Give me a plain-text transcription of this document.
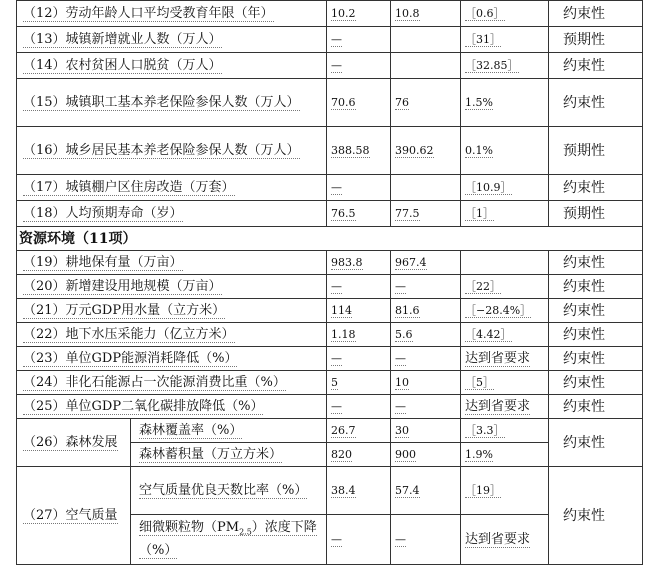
（12）劳动年龄人口平均受教育年限（年）		10.2	10.8	［0.6］	约束性
（13）城镇新增就业人数（万人）		—		［31］	预期性
（14）农村贫困人口脱贫（万人）		—		［32.85］	约束性
（15）城镇职工基本养老保险参保人数（万人）		70.6	76	1.5%	约束性
（16）城乡居民基本养老保险参保人数（万人）		388.58	390.62	0.1%	预期性
（17）城镇棚户区住房改造（万套）		—		［10.9］	约束性
（18）人均预期寿命（岁）		76.5	77.5	［1］	预期性
资源环境（11项）					
（19）耕地保有量（万亩）		983.8	967.4		约束性
（20）新增建设用地规模（万亩）		—	—	［22］	约束性
（21）万元GDP用水量（立方米）		114	81.6	［−28.4%］	约束性
（22）地下水压采能力（亿立方米）		1.18	5.6	［4.42］	约束性
（23）单位GDP能源消耗降低（%）		—	—	达到省要求	约束性
（24）非化石能源占一次能源消费比重（%）		5	10	［5］	约束性
（25）单位GDP二氧化碳排放降低（%）		—	—	达到省要求	约束性
（26）森林发展	森林覆盖率（%）	26.7	30	［3.3］	约束性
	森林蓄积量（万立方米）	820	900	1.9%	
（27）空气质量	空气质量优良天数比率（%）	38.4	57.4	［19］	约束性
	细微颗粒物$(PM_{2.5})$浓度下降（%）	—	—	达到省要求	
